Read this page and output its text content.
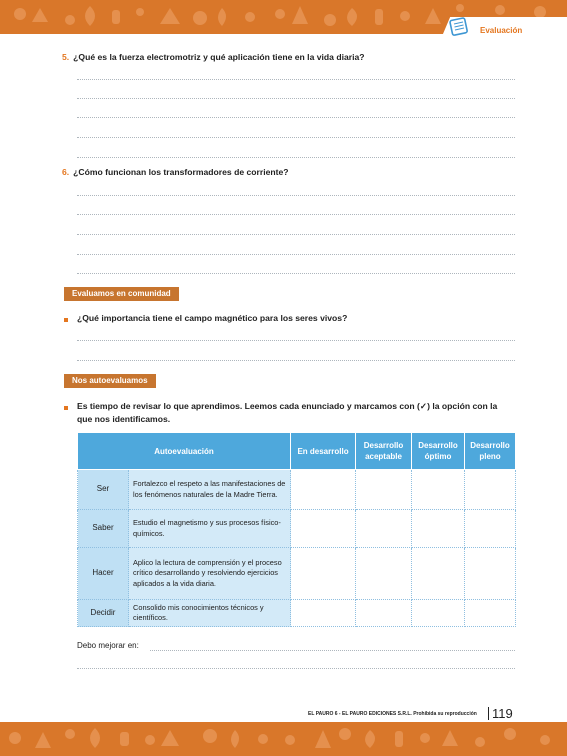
Evaluación
5. ¿Qué es la fuerza electromotriz y qué aplicación tiene en la vida diaria?
6. ¿Cómo funcionan los transformadores de corriente?
Evaluamos en comunidad
¿Qué importancia tiene el campo magnético para los seres vivos?
Nos autoevaluamos
Es tiempo de revisar lo que aprendimos. Leemos cada enunciado y marcamos con (✓) la opción con la
que nos identificamos.
Autoevaluación		En desarrollo	Desarrollo aceptable	Desarrollo óptimo	Desarrollo pleno
Ser	Fortalezco el respeto a las manifestaciones de los fenómenos naturales de la Madre Tierra.				
Saber	Estudio el magnetismo y sus procesos físico-químicos.				
Hacer	Aplico la lectura de comprensión y el proceso crítico desarrollando y resolviendo ejercicios aplicados a la vida diaria.				
Decidir	Consolido mis conocimientos técnicos y científicos.				
Debo mejorar en:
EL PAURO 6 - EL PAURO EDICIONES S.R.L. Prohibida su reproducción	119
